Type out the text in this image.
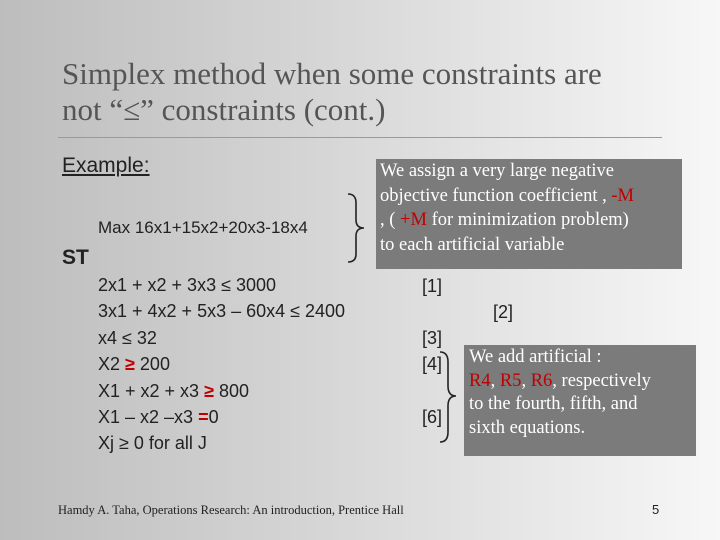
Simplex method when some constraints are
not “≤” constraints (cont.)
Example:
Max 16x1+15x2+20x3-18x4
ST
2x1 + x2 + 3x3 ≤ 3000
3x1 + 4x2 + 5x3 – 60x4 ≤ 2400
x4 ≤ 32
X2 ≥ 200
X1 + x2 + x3 ≥ 800
X1 – x2 –x3 =0
Xj ≥ 0 for all J
[1]
[2]
[3]
[4]
[6]
We assign a very large negative
objective function coefficient , -M
, ( +M for minimization problem)
to each artificial variable
We add artificial :
R4, R5, R6, respectively
to the fourth, fifth, and
sixth equations.
Hamdy A. Taha, Operations Research: An introduction, Prentice Hall	5
